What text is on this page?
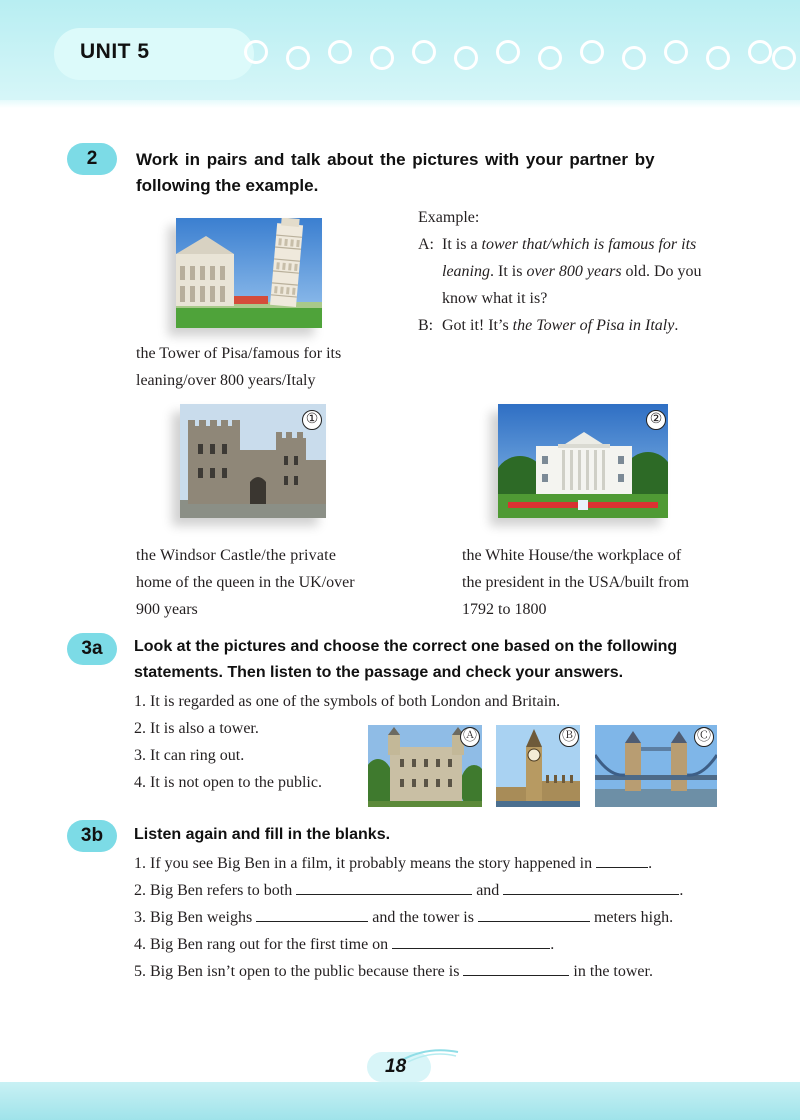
UNIT 5
2	Work in pairs and talk about the pictures with your partner by
following the example.
Example:
A: It is a tower that/which is famous for its
leaning. It is over 800 years old. Do you
know what it is?
B: Got it! It’s the Tower of Pisa in Italy.
the Tower of Pisa/famous for its
leaning/over 800 years/Italy
①	②
the Windsor Castle/the private
home of the queen in the UK/over
900 years
the White House/the workplace of
the president in the USA/built from
1792 to 1800
3a	Look at the pictures and choose the correct one based on the following
statements. Then listen to the passage and check your answers.
1. It is regarded as one of the symbols of both London and Britain.
2. It is also a tower.
3. It can ring out.
4. It is not open to the public.
Ⓐ	Ⓑ	Ⓒ
3b	Listen again and fill in the blanks.
1. If you see Big Ben in a film, it probably means the story happened in	.
2. Big Ben refers to both	and	.
3. Big Ben weighs	and the tower is	meters high.
4. Big Ben rang out for the first time on	.
5. Big Ben isn’t open to the public because there is	in the tower.
18
